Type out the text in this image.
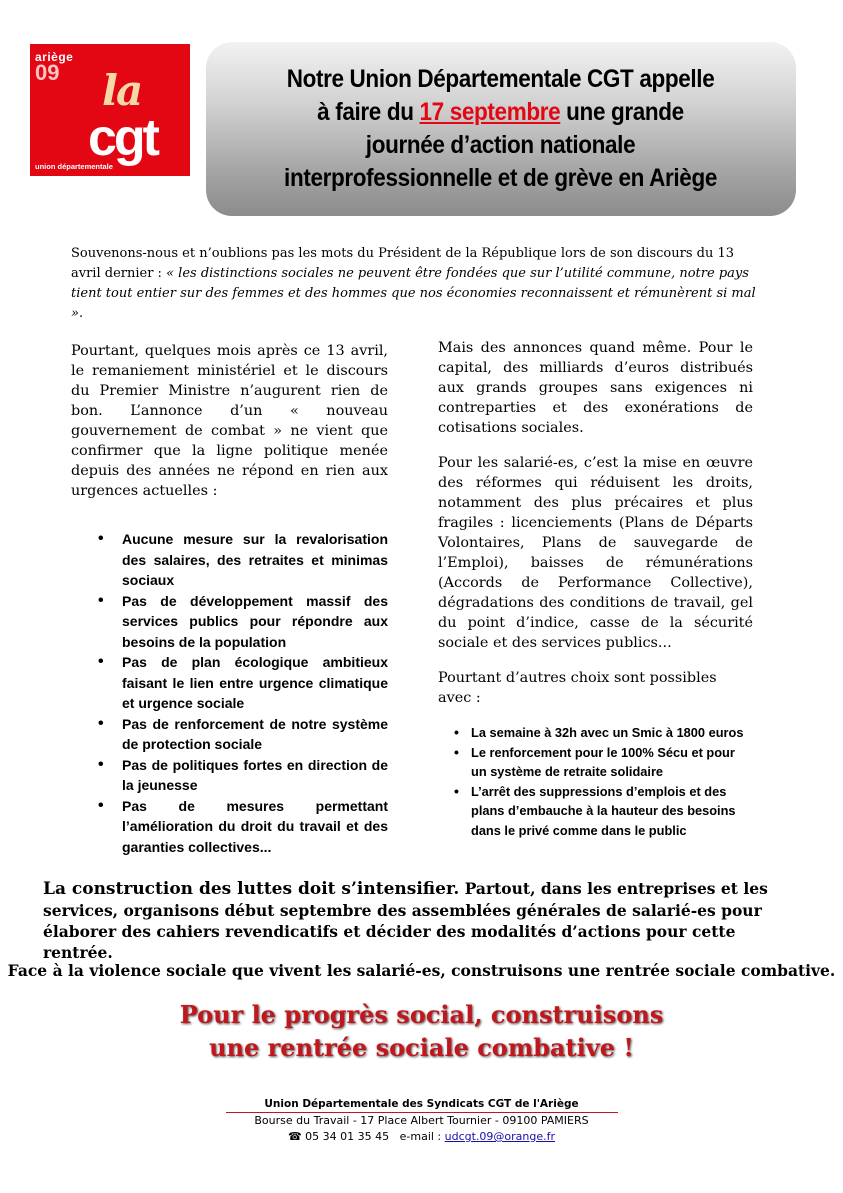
ariège
09 la
cgt
union départementale
Notre Union Départementale CGT appelle
à faire du 17 septembre une grande
journée d’action nationale
interprofessionnelle et de grève en Ariège
Souvenons-nous et n’oublions pas les mots du Président de la République lors de son discours du 13 avril dernier : « les distinctions sociales ne peuvent être fondées que sur l’utilité commune, notre pays tient tout entier sur des femmes et des hommes que nos économies reconnaissent et rémunèrent si mal ».

Pourtant, quelques mois après ce 13 avril, le remaniement ministériel et le discours du Premier Ministre n’augurent rien de bon. L’annonce d’un « nouveau gouvernement de combat » ne vient que confirmer que la ligne politique menée depuis des années ne répond en rien aux urgences actuelles :

• Aucune mesure sur la revalorisation des salaires, des retraites et minimas sociaux
• Pas de développement massif des services publics pour répondre aux besoins de la population
• Pas de plan écologique ambitieux faisant le lien entre urgence climatique et urgence sociale
• Pas de renforcement de notre système de protection sociale
• Pas de politiques fortes en direction de la jeunesse
• Pas de mesures permettant l’amélioration du droit du travail et des garanties collectives...

Mais des annonces quand même. Pour le capital, des milliards d’euros distribués aux grands groupes sans exigences ni contreparties et des exonérations de cotisations sociales.

Pour les salarié-es, c’est la mise en œuvre des réformes qui réduisent les droits, notamment des plus précaires et plus fragiles : licenciements (Plans de Départs Volontaires, Plans de sauvegarde de l’Emploi), baisses de rémunérations (Accords de Performance Collective), dégradations des conditions de travail, gel du point d’indice, casse de la sécurité sociale et des services publics...

Pourtant d’autres choix sont possibles avec :

• La semaine à 32h avec un Smic à 1800 euros
• Le renforcement pour le 100% Sécu et pour un système de retraite solidaire
• L’arrêt des suppressions d’emplois et des plans d’embauche à la hauteur des besoins dans le privé comme dans le public
La construction des luttes doit s’intensifier. Partout, dans les entreprises et les services, organisons début septembre des assemblées générales de salarié-es pour élaborer des cahiers revendicatifs et décider des modalités d’actions pour cette rentrée.
Face à la violence sociale que vivent les salarié-es, construisons une rentrée sociale combative.
Pour le progrès social, construisons
une rentrée sociale combative !
Union Départementale des Syndicats CGT de l'Ariège
Bourse du Travail - 17 Place Albert Tournier - 09100 PAMIERS
☎ 05 34 01 35 45 e-mail : udcgt.09@orange.fr
